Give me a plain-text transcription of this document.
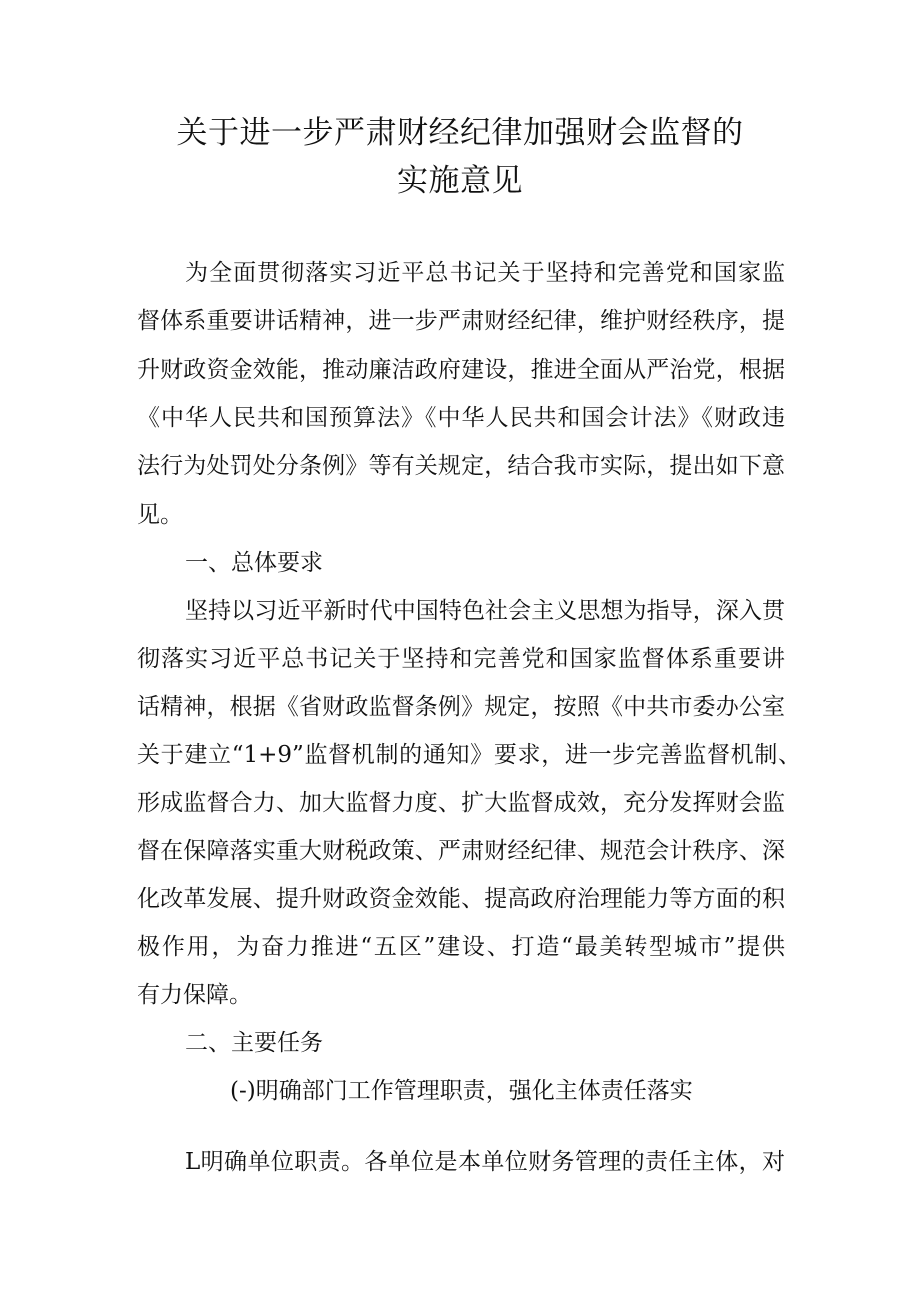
关于进一步严肃财经纪律加强财会监督的
实施意见
为全面贯彻落实习近平总书记关于坚持和完善党和国家监
督体系重要讲话精神，进一步严肃财经纪律，维护财经秩序，提
升财政资金效能，推动廉洁政府建设，推进全面从严治党，根据
《中华人民共和国预算法》《中华人民共和国会计法》《财政违
法行为处罚处分条例》等有关规定，结合我市实际，提出如下意
见。
一、总体要求
坚持以习近平新时代中国特色社会主义思想为指导，深入贯
彻落实习近平总书记关于坚持和完善党和国家监督体系重要讲
话精神，根据《省财政监督条例》规定，按照《中共市委办公室
关于建立“1+9”监督机制的通知》要求，进一步完善监督机制、
形成监督合力、加大监督力度、扩大监督成效，充分发挥财会监
督在保障落实重大财税政策、严肃财经纪律、规范会计秩序、深
化改革发展、提升财政资金效能、提高政府治理能力等方面的积
极作用，为奋力推进“五区”建设、打造“最美转型城市”提供
有力保障。
二、主要任务
(-)明确部门工作管理职责，强化主体责任落实
L明确单位职责。各单位是本单位财务管理的责任主体，对
